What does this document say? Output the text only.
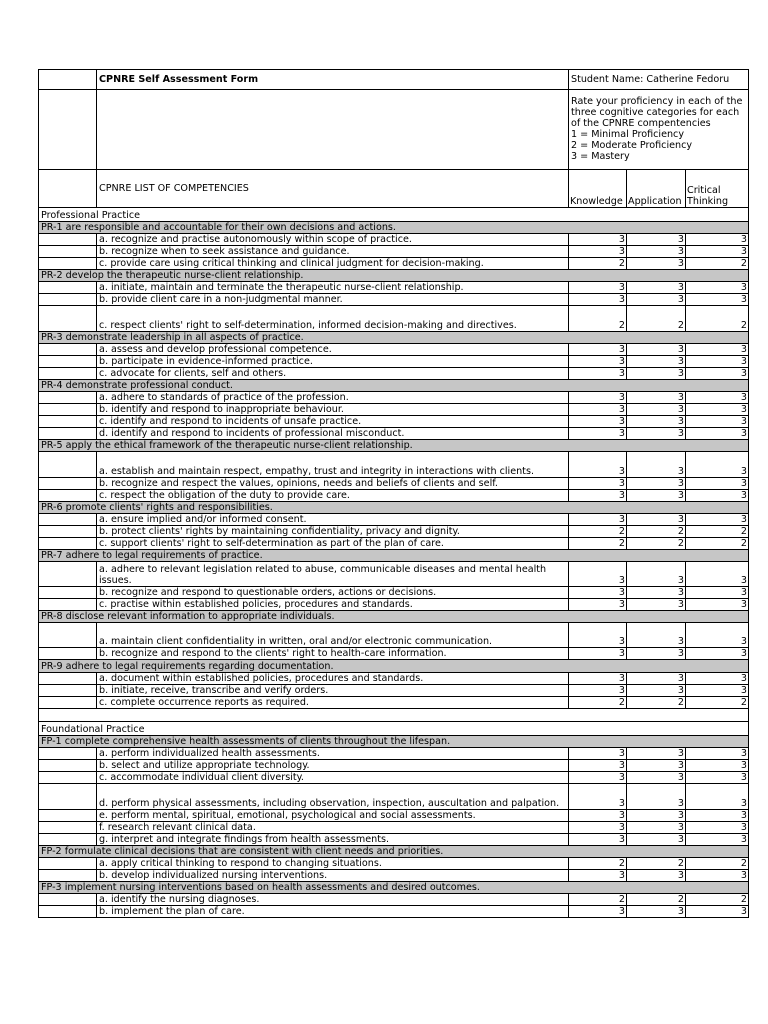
	CPNRE Self Assessment Form	Student Name: Catherine Fedoru		

		Rate your proficiency in each of the three cognitive categories for each of the CPNRE compentencies
1 = Minimal Proficiency
2 = Moderate Proficiency
3 = Mastery		

	CPNRE LIST OF COMPETENCIES	Knowledge	Application	Critical Thinking
Professional Practice				
PR-1 are responsible and accountable for their own decisions and actions.				
	a. recognize and practise autonomously within scope of practice.	3	3	3
	b. recognize when to seek assistance and guidance.	3	3	3
	c. provide care using critical thinking and clinical judgment for decision-making.	2	3	2
PR-2 develop the therapeutic nurse-client relationship.				
	a. initiate, maintain and terminate the therapeutic nurse-client relationship.	3	3	3
	b. provide client care in a non-judgmental manner.	3	3	3
	c. respect clients' right to self-determination, informed decision-making and directives.	2	2	2
PR-3 demonstrate leadership in all aspects of practice.				
	a. assess and develop professional competence.	3	3	3
	b. participate in evidence-informed practice.	3	3	3
	c. advocate for clients, self and others.	3	3	3
PR-4 demonstrate professional conduct.				
	a. adhere to standards of practice of the profession.	3	3	3
	b. identify and respond to inappropriate behaviour.	3	3	3
	c. identify and respond to incidents of unsafe practice.	3	3	3
	d. identify and respond to incidents of professional misconduct.	3	3	3
PR-5 apply the ethical framework of the therapeutic nurse-client relationship.				
	a. establish and maintain respect, empathy, trust and integrity in interactions with clients.	3	3	3
	b. recognize and respect the values, opinions, needs and beliefs of clients and self.	3	3	3
	c. respect the obligation of the duty to provide care.	3	3	3
PR-6 promote clients' rights and responsibilities.				
	a. ensure implied and/or informed consent.	3	3	3
	b. protect clients' rights by maintaining confidentiality, privacy and dignity.	2	2	2
	c. support clients' right to self-determination as part of the plan of care.	2	2	2
PR-7 adhere to legal requirements of practice.				
	a. adhere to relevant legislation related to abuse, communicable diseases and mental health issues.	3	3	3
	b. recognize and respond to questionable orders, actions or decisions.	3	3	3
	c. practise within established policies, procedures and standards.	3	3	3
PR-8 disclose relevant information to appropriate individuals.				
	a. maintain client confidentiality in written, oral and/or electronic communication.	3	3	3
	b. recognize and respond to the clients' right to health-care information.	3	3	3
PR-9 adhere to legal requirements regarding documentation.				
	a. document within established policies, procedures and standards.	3	3	3
	b. initiate, receive, transcribe and verify orders.	3	3	3
	c. complete occurrence reports as required.	2	2	2

Foundational Practice				
FP-1 complete comprehensive health assessments of clients throughout the lifespan.				
	a. perform individualized health assessments.	3	3	3
	b. select and utilize appropriate technology.	3	3	3
	c. accommodate individual client diversity.	3	3	3
	d. perform physical assessments, including observation, inspection, auscultation and palpation.	3	3	3
	e. perform mental, spiritual, emotional, psychological and social assessments.	3	3	3
	f. research relevant clinical data.	3	3	3
	g. interpret and integrate findings from health assessments.	3	3	3
FP-2 formulate clinical decisions that are consistent with client needs and priorities.				
	a. apply critical thinking to respond to changing situations.	2	2	2
	b. develop individualized nursing interventions.	3	3	3
FP-3 implement nursing interventions based on health assessments and desired outcomes.				
	a. identify the nursing diagnoses.	2	2	2
	b. implement the plan of care.	3	3	3
